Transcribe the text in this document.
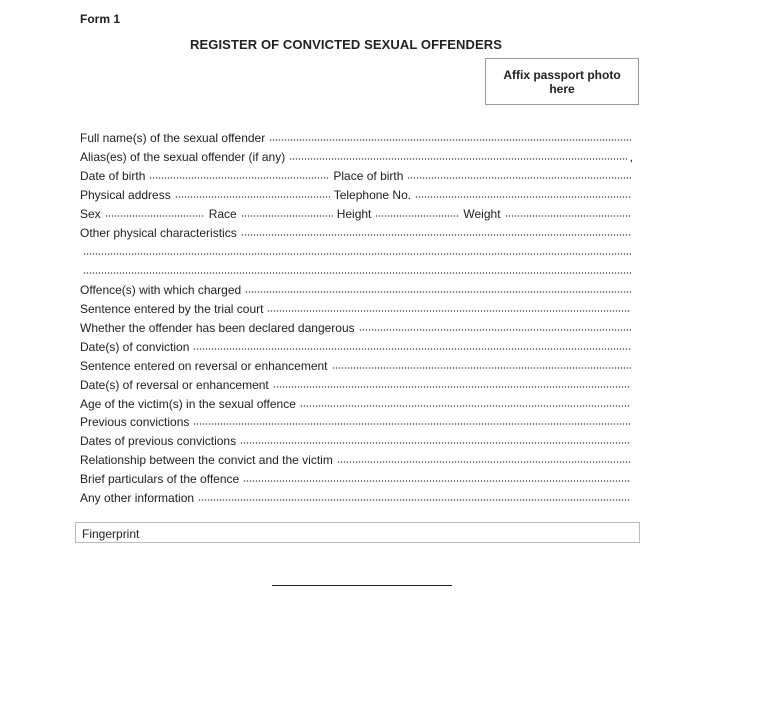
Form 1
REGISTER OF CONVICTED SEXUAL OFFENDERS
Affix passport photo here
Full name(s) of the sexual offender
Alias(es) of the sexual offender (if any)	,
Date of birth	Place of birth
Physical address	Telephone No.
Sex	Race	Height	Weight
Other physical characteristics
Offence(s) with which charged
Sentence entered by the trial court
Whether the offender has been declared dangerous
Date(s) of conviction
Sentence entered on reversal or enhancement
Date(s) of reversal or enhancement
Age of the victim(s) in the sexual offence
Previous convictions
Dates of previous convictions
Relationship between the convict and the victim
Brief particulars of the offence
Any other information
Fingerprint
